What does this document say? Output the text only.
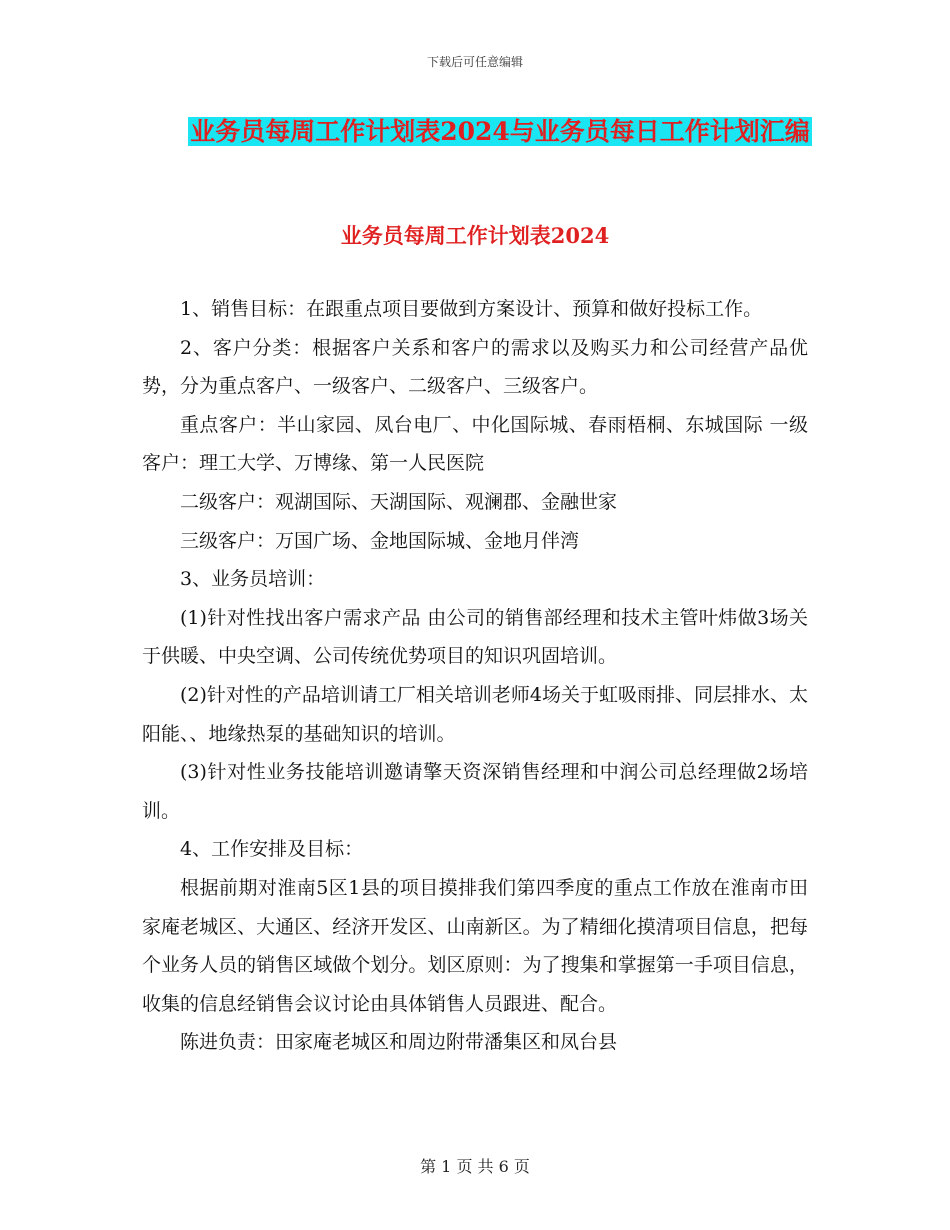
下载后可任意编辑
业务员每周工作计划表2024与业务员每日工作计划汇编
业务员每周工作计划表2024

1、销售目标：在跟重点项目要做到方案设计、预算和做好投标工作。

2、客户分类：根据客户关系和客户的需求以及购买力和公司经营产品优势，分为重点客户、一级客户、二级客户、三级客户。

重点客户：半山家园、凤台电厂、中化国际城、春雨梧桐、东城国际 一级客户：理工大学、万博缘、第一人民医院

二级客户：观湖国际、天湖国际、观澜郡、金融世家

三级客户：万国广场、金地国际城、金地月伴湾

3、业务员培训：

(1)针对性找出客户需求产品 由公司的销售部经理和技术主管叶炜做3场关于供暖、中央空调、公司传统优势项目的知识巩固培训。

(2)针对性的产品培训请工厂相关培训老师4场关于虹吸雨排、同层排水、太阳能、、地缘热泵的基础知识的培训。

(3)针对性业务技能培训邀请擎天资深销售经理和中润公司总经理做2场培训。

4、工作安排及目标：

根据前期对淮南5区1县的项目摸排我们第四季度的重点工作放在淮南市田家庵老城区、大通区、经济开发区、山南新区。为了精细化摸清项目信息，把每个业务人员的销售区域做个划分。划区原则：为了搜集和掌握第一手项目信息，收集的信息经销售会议讨论由具体销售人员跟进、配合。

陈进负责：田家庵老城区和周边附带潘集区和凤台县

第 1 页 共 6 页
